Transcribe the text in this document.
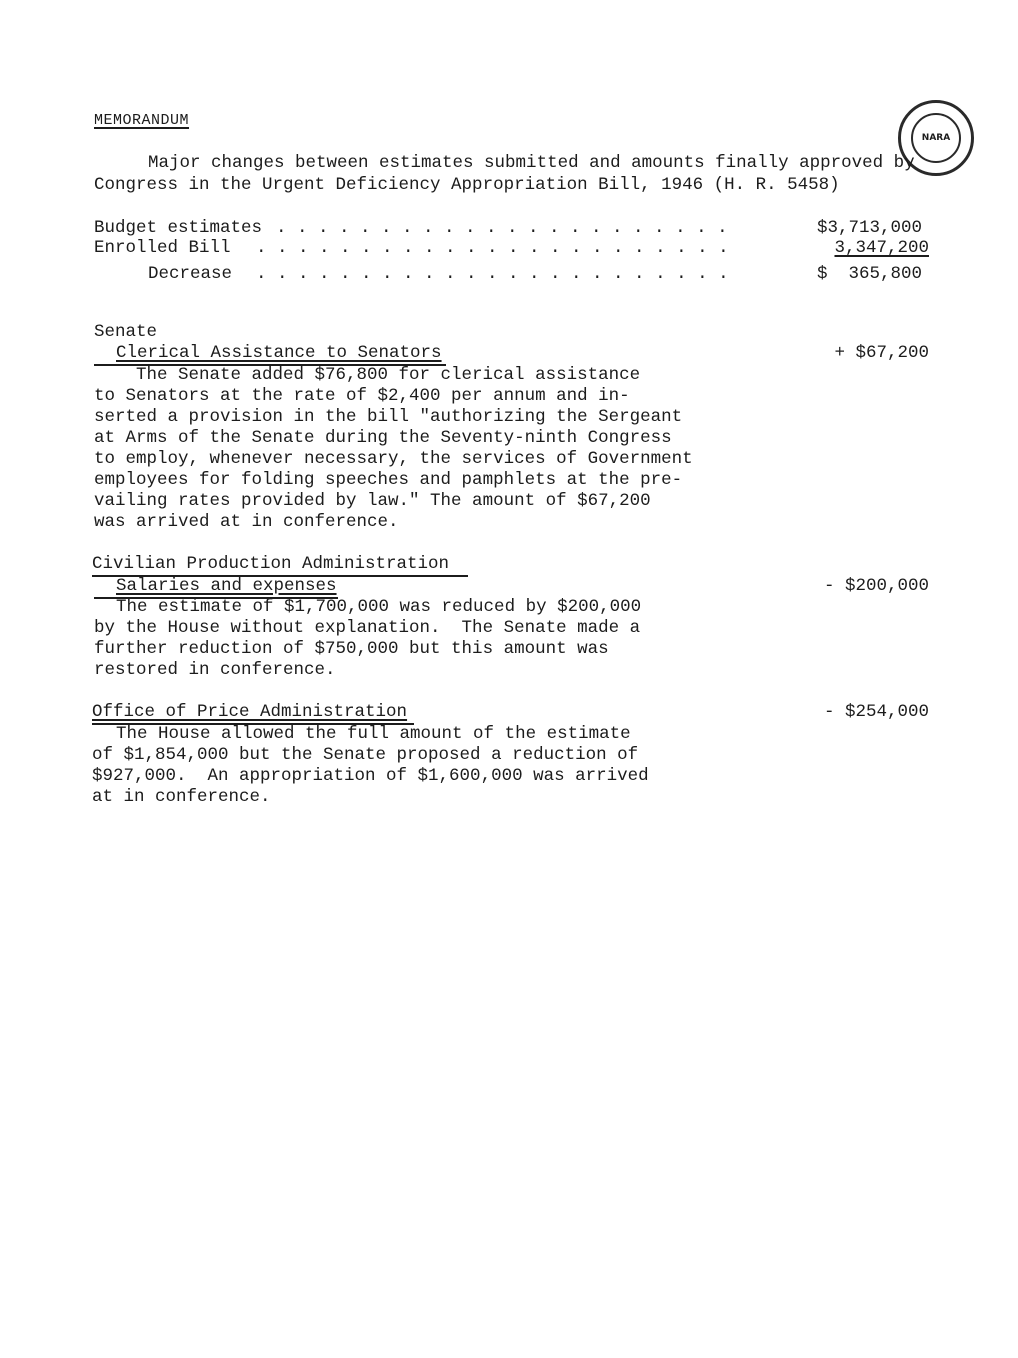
MEMORANDUM
NARA
Major changes between estimates submitted and amounts finally approved by
Congress in the Urgent Deficiency Appropriation Bill, 1946 (H. R. 5458)
Budget estimates . . . . . . . . . . . . . . . . . . . . . .	$3,713,000
Enrolled Bill . . . . . . . . . . . . . . . . . . . . . . .	3,347,200
Decrease . . . . . . . . . . . . . . . . . . . . . . .	$  365,800
Senate
Clerical Assistance to Senators	+ $67,200
The Senate added $76,800 for clerical assistance
to Senators at the rate of $2,400 per annum and in-
serted a provision in the bill "authorizing the Sergeant
at Arms of the Senate during the Seventy-ninth Congress
to employ, whenever necessary, the services of Government
employees for folding speeches and pamphlets at the pre-
vailing rates provided by law." The amount of $67,200
was arrived at in conference.
Civilian Production Administration
Salaries and expenses	- $200,000
The estimate of $1,700,000 was reduced by $200,000
by the House without explanation.  The Senate made a
further reduction of $750,000 but this amount was
restored in conference.
Office of Price Administration	- $254,000
The House allowed the full amount of the estimate
of $1,854,000 but the Senate proposed a reduction of
$927,000.  An appropriation of $1,600,000 was arrived
at in conference.
